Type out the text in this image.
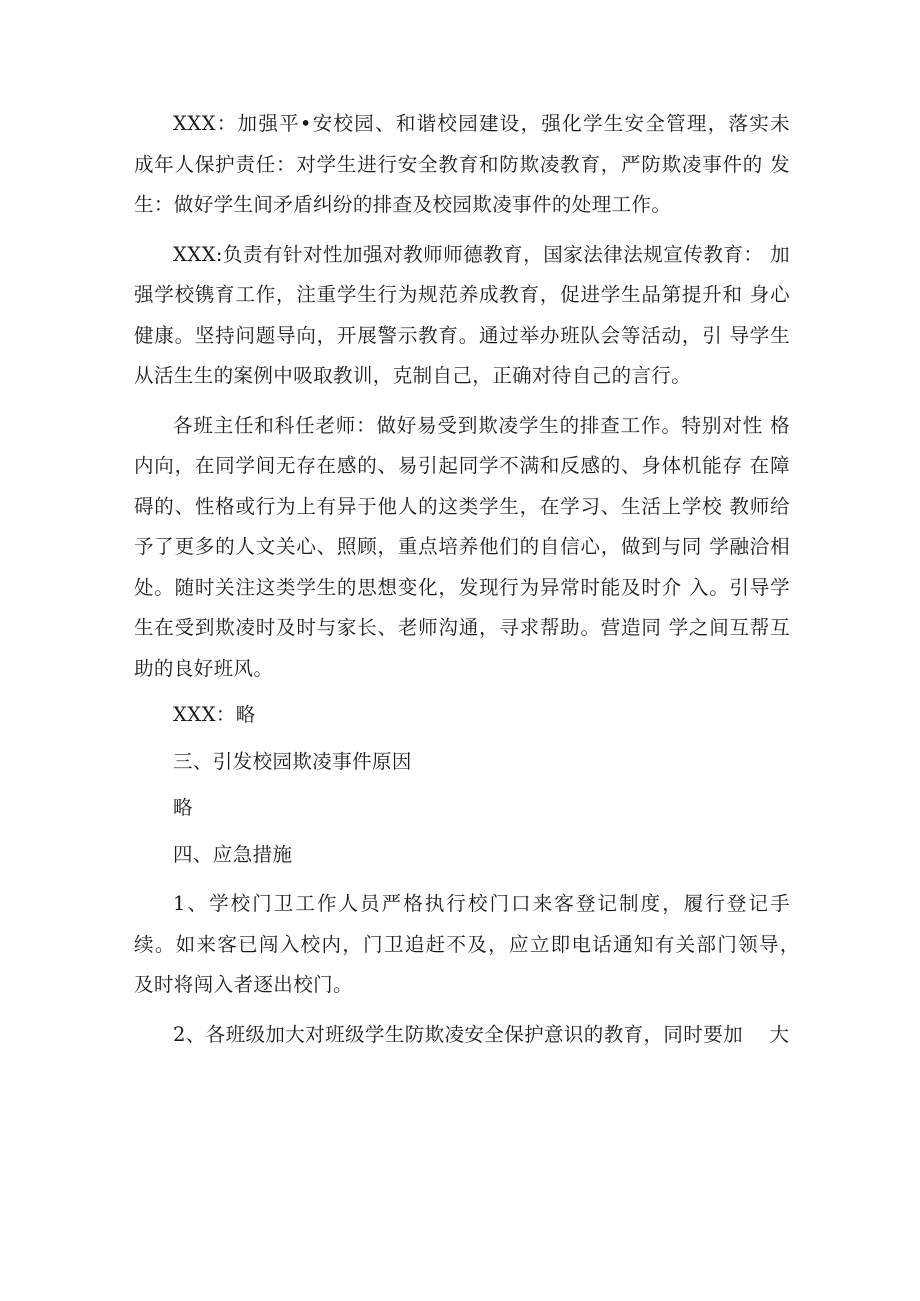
XXX：加强平•安校园、和谐校园建设，强化学生安全管理，落实未 成年人保护责任：对学生进行安全教育和防欺凌教育，严防欺凌事件的 发生：做好学生间矛盾纠纷的排查及校园欺凌事件的处理工作。

XXX:负责有针对性加强对教师师德教育，国家法律法规宣传教育： 加强学校镌育工作，注重学生行为规范养成教育，促进学生品第提升和 身心健康。坚持问题导向，开展警示教育。通过举办班队会等活动，引 导学生从活生生的案例中吸取教训，克制自己，正确对待自己的言行。

各班主任和科任老师：做好易受到欺凌学生的排查工作。特别对性 格内向，在同学间无存在感的、易引起同学不满和反感的、身体机能存 在障碍的、性格或行为上有异于他人的这类学生，在学习、生活上学校 教师给予了更多的人文关心、照顾，重点培养他们的自信心，做到与同 学融洽相处。随时关注这类学生的思想变化，发现行为异常时能及时介 入。引导学生在受到欺凌时及时与家长、老师沟通，寻求帮助。营造同 学之间互帮互助的良好班风。

XXX：略

三、引发校园欺凌事件原因

略

四、应急措施

1、学校门卫工作人员严格执行校门口来客登记制度，履行登记手　续。如来客已闯入校内，门卫追赶不及，应立即电话通知有关部门领导，　及时将闯入者逐出校门。

2、各班级加大对班级学生防欺凌安全保护意识的教育，同时要加　 大
